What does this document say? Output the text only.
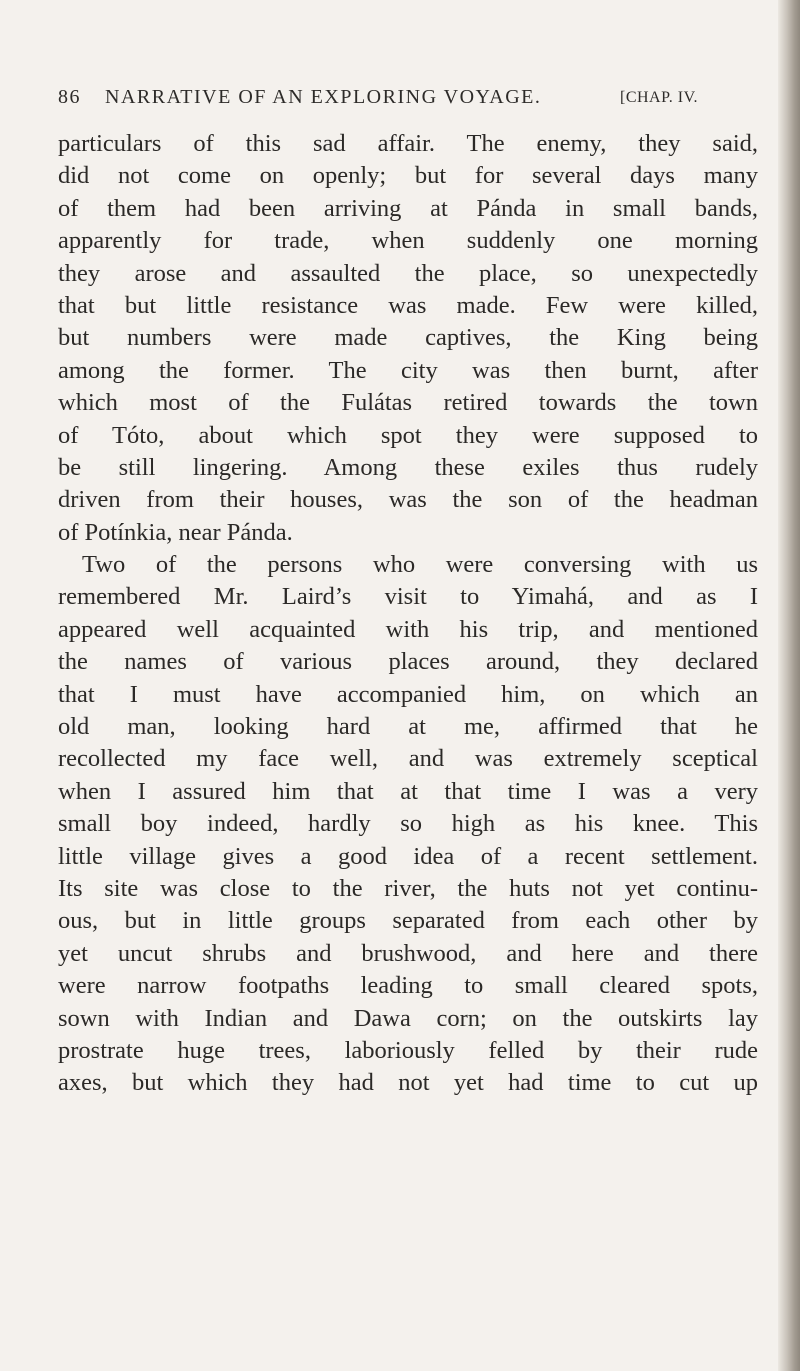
86 NARRATIVE OF AN EXPLORING VOYAGE.	[CHAP. IV.
particulars of this sad affair. The enemy, they said,
did not come on openly; but for several days many
of them had been arriving at Pánda in small bands,
apparently for trade, when suddenly one morning
they arose and assaulted the place, so unexpectedly
that but little resistance was made. Few were killed,
but numbers were made captives, the King being
among the former. The city was then burnt, after
which most of the Fulátas retired towards the town
of Tóto, about which spot they were supposed to
be still lingering. Among these exiles thus rudely
driven from their houses, was the son of the headman
of Potínkia, near Pánda.
Two of the persons who were conversing with us
remembered Mr. Laird’s visit to Yimahá, and as I
appeared well acquainted with his trip, and mentioned
the names of various places around, they declared
that I must have accompanied him, on which an
old man, looking hard at me, affirmed that he
recollected my face well, and was extremely sceptical
when I assured him that at that time I was a very
small boy indeed, hardly so high as his knee. This
little village gives a good idea of a recent settlement.
Its site was close to the river, the huts not yet continu-
ous, but in little groups separated from each other by
yet uncut shrubs and brushwood, and here and there
were narrow footpaths leading to small cleared spots,
sown with Indian and Dawa corn; on the outskirts lay
prostrate huge trees, laboriously felled by their rude
axes, but which they had not yet had time to cut up
